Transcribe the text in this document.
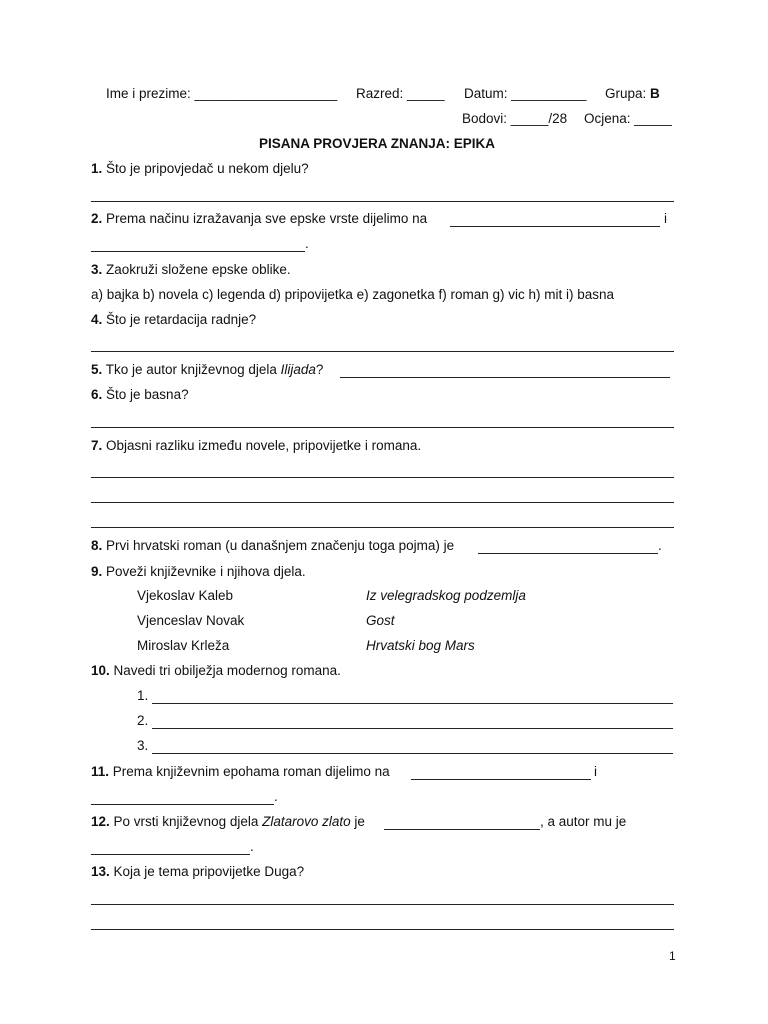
Ime i prezime: ___________________ Razred: _____ Datum: __________ Grupa: B
Bodovi: _____/28 Ocjena: _____
PISANA PROVJERA ZNANJA: EPIKA
1. Što je pripovjedač u nekom djelu?
2. Prema načinu izražavanja sve epske vrste dijelimo na	i
.
3. Zaokruži složene epske oblike.
a) bajka b) novela c) legenda d) pripovijetka e) zagonetka f) roman g) vic h) mit i) basna
4. Što je retardacija radnje?
5. Tko je autor književnog djela Ilijada?
6. Što je basna?
7. Objasni razliku između novele, pripovijetke i romana.
8. Prvi hrvatski roman (u današnjem značenju toga pojma) je	.
9. Poveži književnike i njihova djela.
Vjekoslav Kaleb	Iz velegradskog podzemlja
Vjenceslav Novak	Gost
Miroslav Krleža	Hrvatski bog Mars
10. Navedi tri obilježja modernog romana.
1.
2.
3.
11. Prema književnim epohama roman dijelimo na	i
.
12. Po vrsti književnog djela Zlatarovo zlato je	, a autor mu je
.
13. Koja je tema pripovijetke Duga?
1
